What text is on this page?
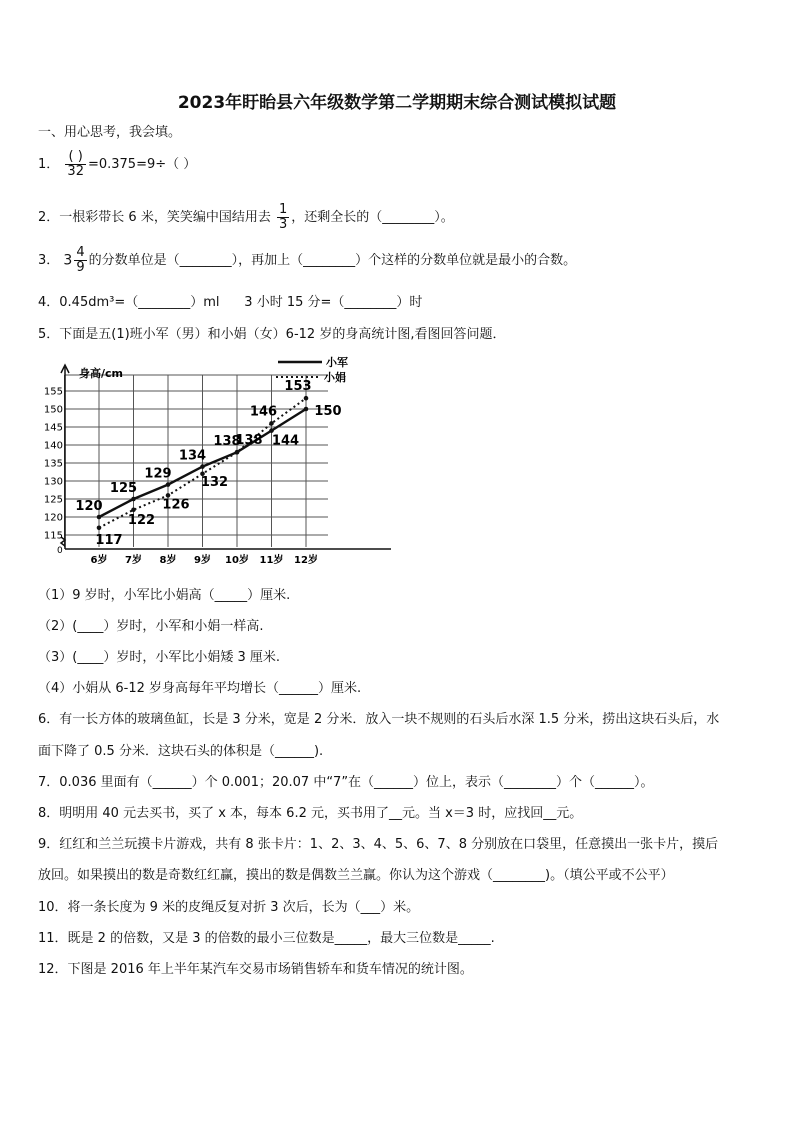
2023年盱眙县六年级数学第二学期期末综合测试模拟试题
一、用心思考，我会填。
1． $\frac{( )}{32} =0.375=9\div$（ ）
2．一根彩带长 6 米，笑笑编中国结用去 $\frac{1}{3}$ ，还剩全长的（________）。
3． $3 \frac{4}{9}$ 的分数单位是（________），再加上（________）个这样的分数单位就是最小的合数。
4．0.45dm³=（________）ml      3 小时 15 分=（________）时
5．下面是五(1)班小军（男）和小娟（女）6-12 岁的身高统计图,看图回答问题．
身高/cm
115
120
125
130
135
140
145
150
155
0
6岁 7岁 8岁 9岁 10岁 11岁 12岁
120
125
129
134
138 144
150
117
122
126
132
138
146
153
小军
小娟
（1）9 岁时，小军比小娟高（_____）厘米.
（2）(____）岁时，小军和小娟一样高.
（3）(____）岁时，小军比小娟矮 3 厘米.
（4）小娟从 6-12 岁身高每年平均增长（______）厘米.
6．有一长方体的玻璃鱼缸，长是 3 分米，宽是 2 分米．放入一块不规则的石头后水深 1.5 分米，捞出这块石头后，水
面下降了 0.5 分米．这块石头的体积是（______).
7．0.036 里面有（______）个 0.001；20.07 中“7”在（______）位上，表示（________）个（______）。
8．明明用 40 元去买书，买了 x 本，每本 6.2 元，买书用了__元。当 x＝3 时，应找回__元。
9．红红和兰兰玩摸卡片游戏，共有 8 张卡片：1、2、3、4、5、6、7、8 分别放在口袋里，任意摸出一张卡片，摸后
放回。如果摸出的数是奇数红红赢，摸出的数是偶数兰兰赢。你认为这个游戏（________)。（填公平或不公平）
10．将一条长度为 9 米的皮绳反复对折 3 次后，长为（___）米。
11．既是 2 的倍数，又是 3 的倍数的最小三位数是_____，最大三位数是_____.
12．下图是 2016 年上半年某汽车交易市场销售轿车和货车情况的统计图。
